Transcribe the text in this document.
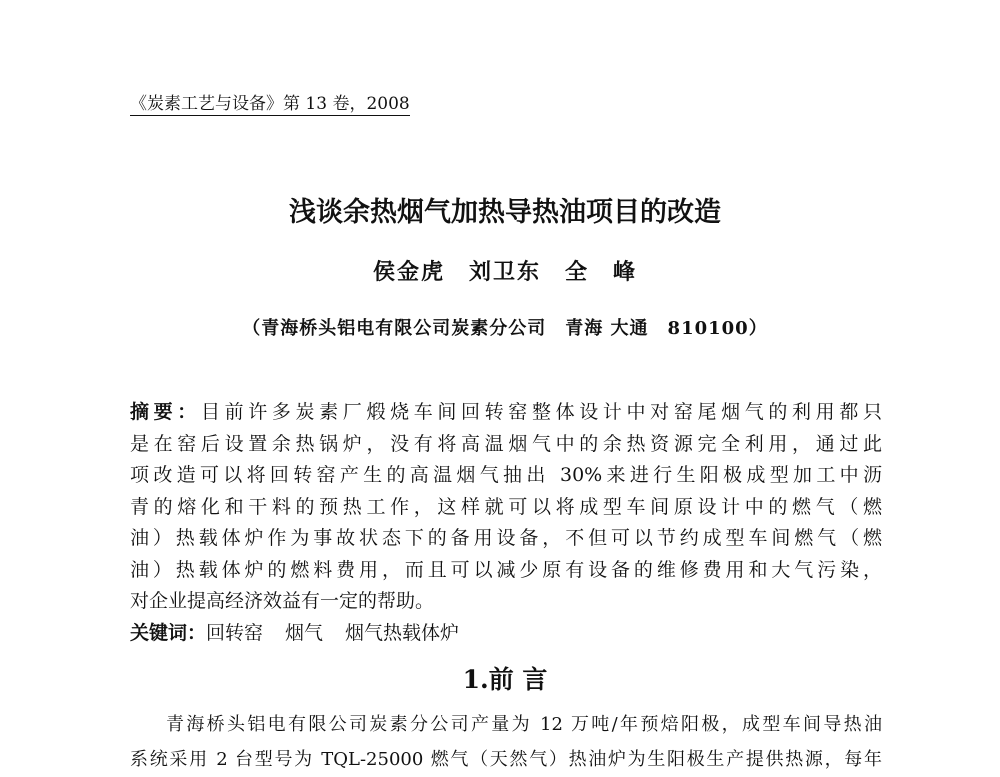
《炭素工艺与设备》第 13 卷，2008
浅谈余热烟气加热导热油项目的改造
侯金虎 刘卫东 全　峰
（青海桥头铝电有限公司炭素分公司　青海 大通　810100）
摘要：目前许多炭素厂煅烧车间回转窑整体设计中对窑尾烟气的利用都只
是在窑后设置余热锅炉，没有将高温烟气中的余热资源完全利用，通过此
项改造可以将回转窑产生的高温烟气抽出 30%来进行生阳极成型加工中沥
青的熔化和干料的预热工作，这样就可以将成型车间原设计中的燃气（燃
油）热载体炉作为事故状态下的备用设备，不但可以节约成型车间燃气（燃
油）热载体炉的燃料费用，而且可以减少原有设备的维修费用和大气污染，
对企业提高经济效益有一定的帮助。
关键词：回转窑 烟气 烟气热载体炉
1.前 言
青海桥头铝电有限公司炭素分公司产量为 12 万吨/年预焙阳极，成型车间导热油
系统采用 2 台型号为 TQL-25000 燃气（天然气）热油炉为生阳极生产提供热源，每年
